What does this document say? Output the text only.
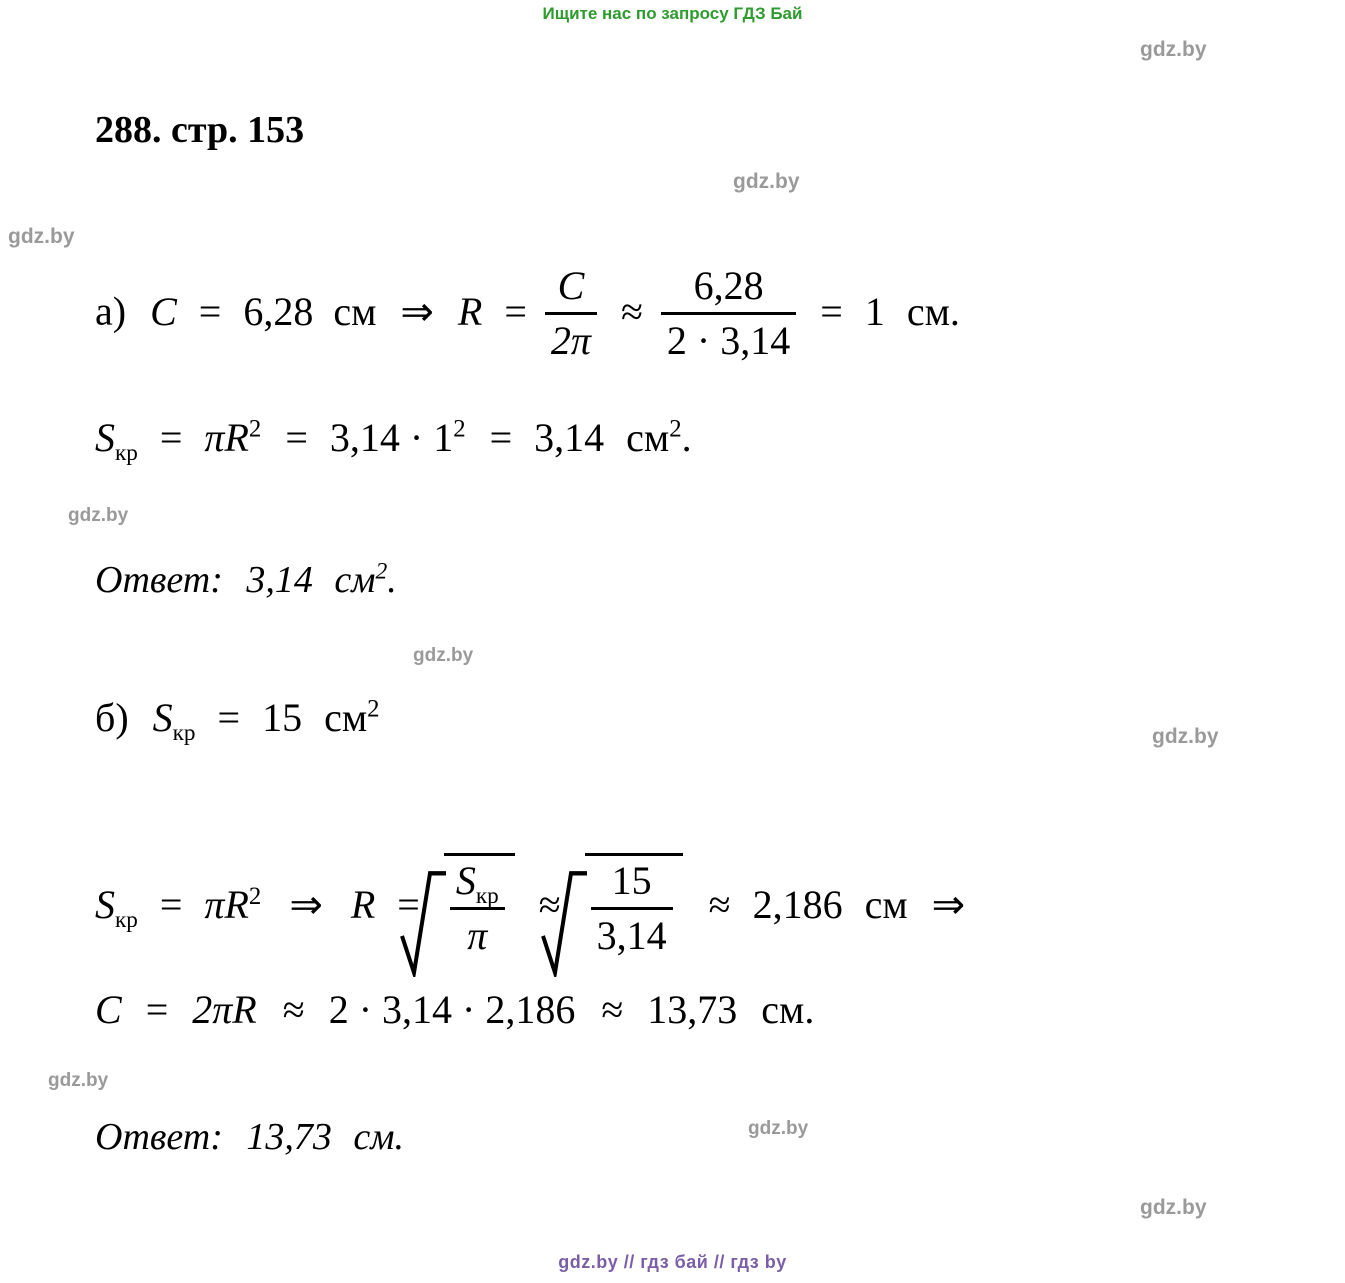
Ищите нас по запросу ГДЗ Бай
gdz.by
gdz.by
gdz.by
gdz.by
gdz.by
gdz.by
gdz.by
gdz.by
gdz.by
288. стр. 153
а) C = 6,28 см ⇒ $R = \frac{C}{2\pi} \approx \frac{6,28}{2 \cdot 3,14} = 1$ см.
$S_{кр} = \pi R^2 = 3,14 \cdot 1^2 = 3,14$ $см^2$.
Ответ: 3,14 $см^2$.
б) $S_{кр} = 15$ $см^2$
$S_{кр} = \pi R^2$ ⇒ $R = \frac{S_{кр}}{\pi} \approx \frac{15}{3,14} \approx 2,186$ см ⇒
C = 2πR ≈ 2 · 3,14 · 2,186 ≈ 13,73 см.
Ответ: 13,73 см.
gdz.by // гдз бай // гдз by
